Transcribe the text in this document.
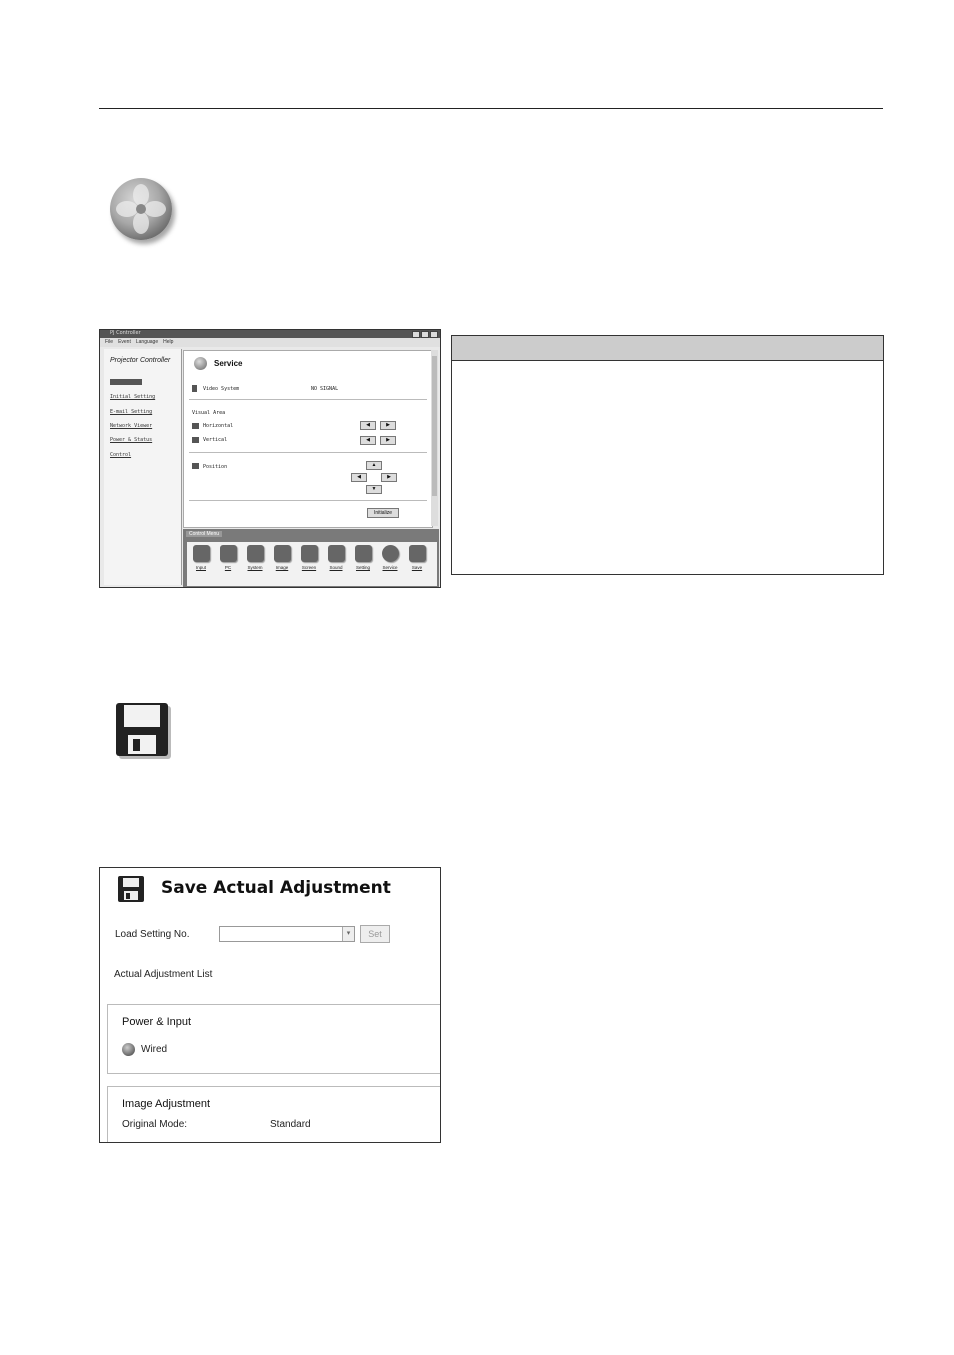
PJ Controller
File Event Language Help
Projector Controller
Initial Setting
E-mail Setting
Network Viewer
Power & Status
Control
Service
Video System	NO SIGNAL
Visual Area
Horizontal	◀	▶
Vertical	◀	▶
Position	▲
◀	▶
▼
Initialize
Control Menu
Input	PC	System	Image	Screen	Sound	Setting	Service	Save
Save Actual Adjustment
Load Setting No.	▾	Set
Actual Adjustment List
Power & Input
Wired
Image Adjustment
Original Mode:	Standard
